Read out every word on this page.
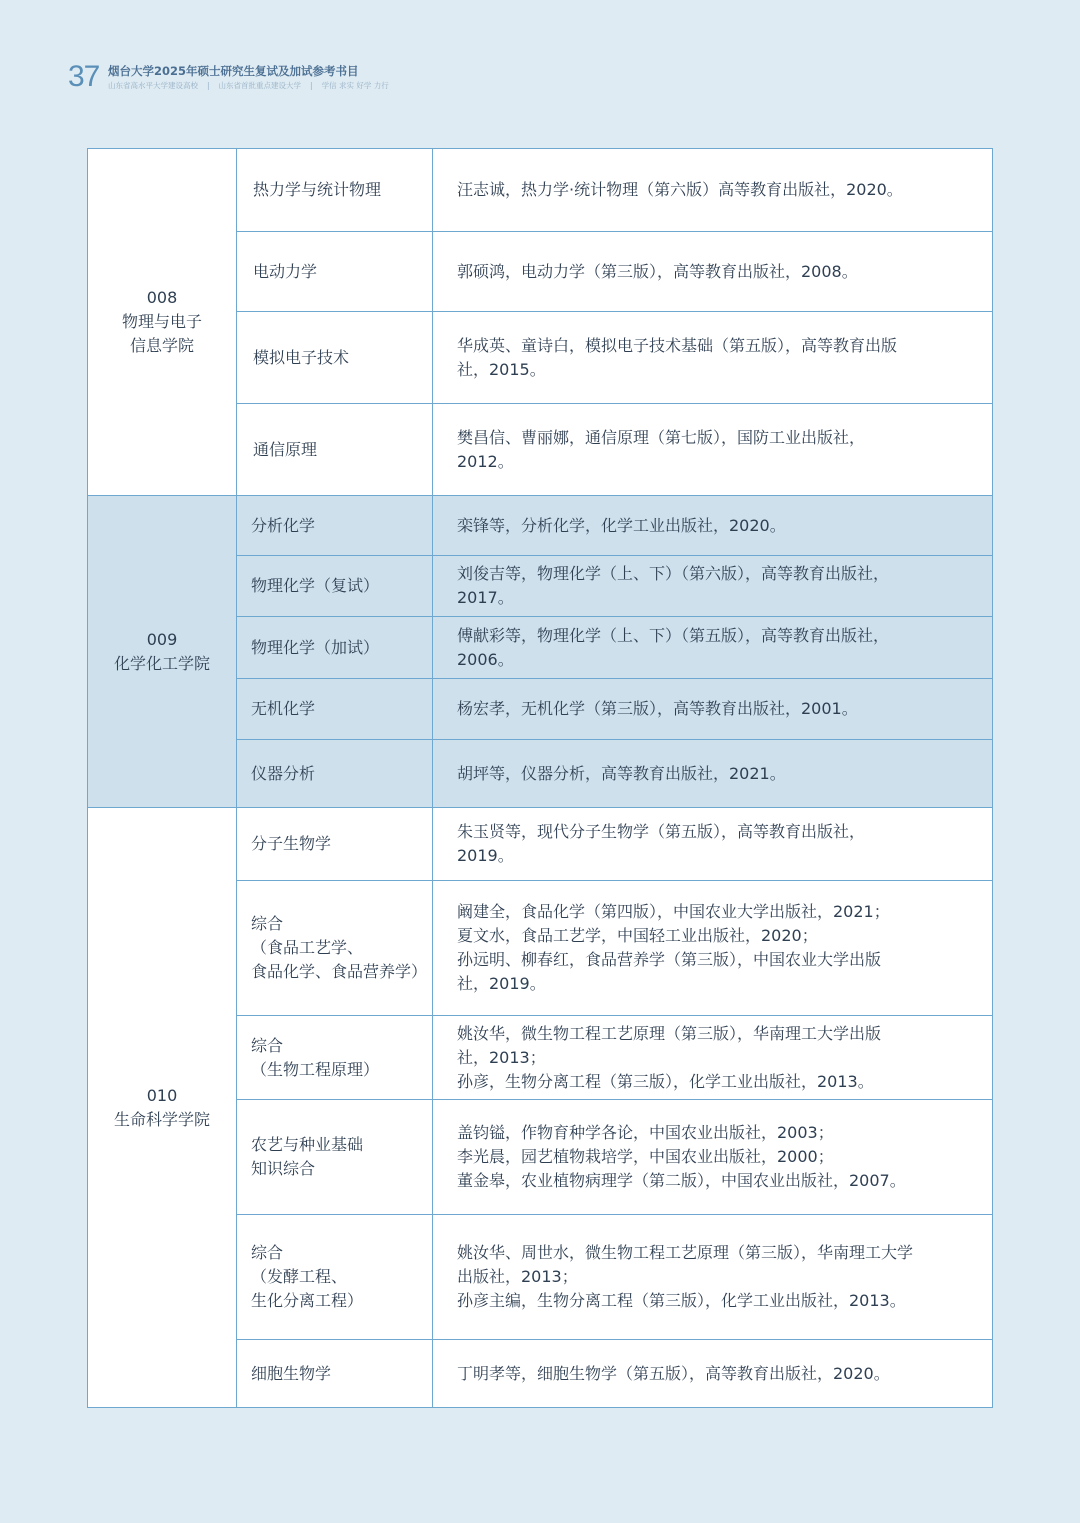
37 烟台大学2025年硕士研究生复试及加试参考书目
山东省高水平大学建设高校 | 山东省首批重点建设大学 | 学信 求实 好学 力行
008
物理与电子
信息学院	热力学与统计物理	汪志诚，热力学·统计物理（第六版）高等教育出版社，2020。

	电动力学	郭硕鸿，电动力学（第三版），高等教育出版社，2008。

	模拟电子技术	华成英、童诗白，模拟电子技术基础（第五版），高等教育出版
社，2015。

	通信原理	樊昌信、曹丽娜，通信原理（第七版），国防工业出版社，
2012。

009
化学化工学院	分析化学	栾锋等，分析化学，化学工业出版社，2020。

	物理化学（复试）	刘俊吉等，物理化学（上、下）（第六版），高等教育出版社，
2017。

	物理化学（加试）	傅献彩等，物理化学（上、下）（第五版），高等教育出版社，
2006。

	无机化学	杨宏孝，无机化学（第三版），高等教育出版社，2001。

	仪器分析	胡坪等，仪器分析，高等教育出版社，2021。

010
生命科学学院	分子生物学	朱玉贤等，现代分子生物学（第五版），高等教育出版社，
2019。

	综合
（食品工艺学、
食品化学、食品营养学）	阚建全，食品化学（第四版），中国农业大学出版社，2021；
夏文水，食品工艺学，中国轻工业出版社，2020；
孙远明、柳春红，食品营养学（第三版），中国农业大学出版
社，2019。

	综合
（生物工程原理）	姚汝华，微生物工程工艺原理（第三版），华南理工大学出版
社，2013；
孙彦，生物分离工程（第三版），化学工业出版社，2013。

	农艺与种业基础
知识综合	盖钧镒，作物育种学各论，中国农业出版社，2003；
李光晨，园艺植物栽培学，中国农业出版社，2000；
董金皋，农业植物病理学（第二版），中国农业出版社，2007。

	综合
（发酵工程、
生化分离工程）	姚汝华、周世水，微生物工程工艺原理（第三版），华南理工大学
出版社，2013；
孙彦主编，生物分离工程（第三版），化学工业出版社，2013。

	细胞生物学	丁明孝等，细胞生物学（第五版），高等教育出版社，2020。
